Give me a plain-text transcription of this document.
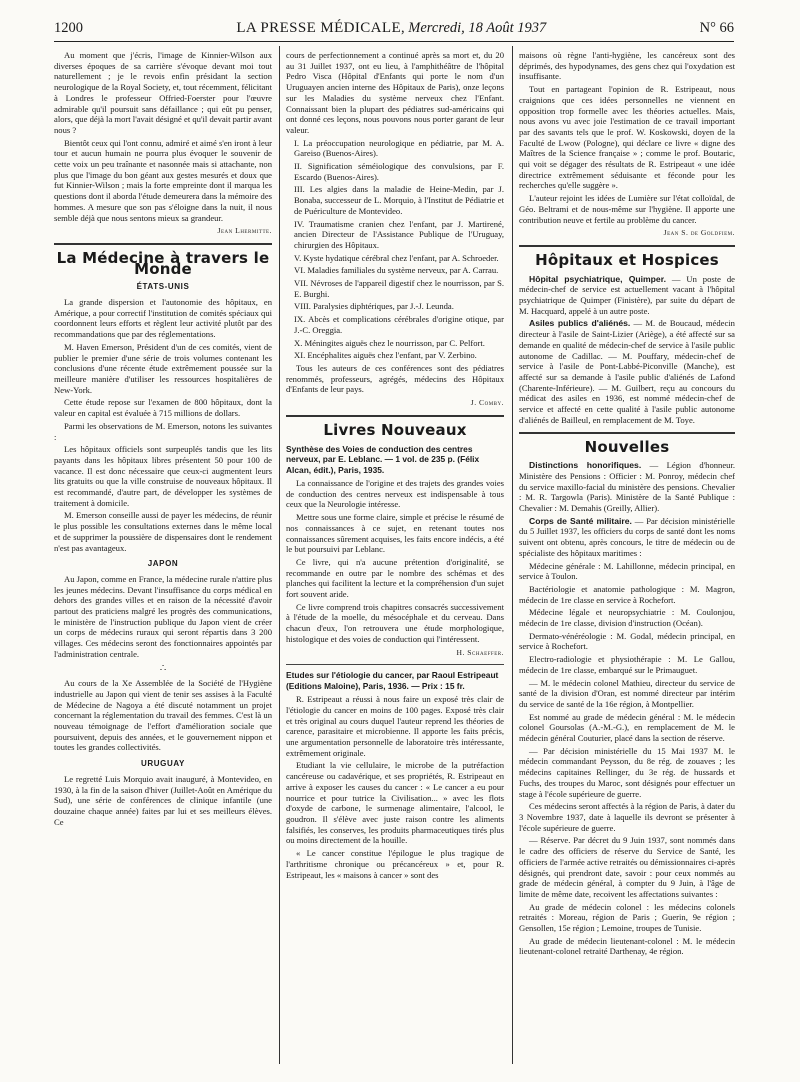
1200	LA PRESSE MÉDICALE, Mercredi, 18 Août 1937	N° 66

Au moment que j'écris, l'image de Kinnier-Wilson aux diverses époques de sa carrière s'évoque devant moi tout naturellement ; je le revois enfin présidant la section neurologique de la Royal Society, et, tout récemment, félicitant à Londres le professeur Offried-Foerster pour l'œuvre admirable qu'il poursuit sans défaillance ; qui eût pu penser, alors, que déjà la mort l'avait désigné et qu'il devait partir avant nous ?

Bientôt ceux qui l'ont connu, admiré et aimé s'en iront à leur tour et aucun humain ne pourra plus évoquer le souvenir de cette voix un peu traînante et nasonnée mais si attachante, non plus que l'image du bon géant aux gestes mesurés et doux que fut Kinnier-Wilson ; mais la forte empreinte dont il marqua les questions dont il aborda l'étude demeurera dans la mémoire des hommes. A mesure que son pas s'éloigne dans la nuit, il nous semble déjà que nous sentons mieux sa grandeur.

Jean Lhermitte.
La Médecine à travers le Monde
ÉTATS-UNIS

La grande dispersion et l'autonomie des hôpitaux, en Amérique, a pour correctif l'institution de comités spéciaux qui coordonnent leurs efforts et règlent leur activité plutôt par des recommandations que par des réglementations.

M. Haven Emerson, Président d'un de ces comités, vient de publier le premier d'une série de trois volumes contenant les conclusions d'une récente étude extrêmement poussée sur la meilleure manière d'utiliser les ressources hospitalières de New-York.

Cette étude repose sur l'examen de 800 hôpitaux, dont la valeur en capital est évaluée à 715 millions de dollars.

Parmi les observations de M. Emerson, notons les suivantes :

Les hôpitaux officiels sont surpeuplés tandis que les lits payants dans les hôpitaux libres présentent 50 pour 100 de vacance. Il est donc nécessaire que ceux-ci augmentent leurs lits gratuits ou que la ville construise de nouveaux hôpitaux. Il est recommandé, d'autre part, de développer les systèmes de traitement à domicile.

M. Emerson conseille aussi de payer les médecins, de réunir le plus possible les consultations externes dans le même local et de supprimer la poussière de dispensaires dont le rendement n'est pas avantageux.

JAPON

Au Japon, comme en France, la médecine rurale n'attire plus les jeunes médecins. Devant l'insuffisance du corps médical en dehors des grandes villes et en raison de la nécessité d'avoir partout des praticiens malgré les progrès des communications, le ministère de l'instruction publique du Japon vient de créer un corps de médecins ruraux qui seront répartis dans 3 200 villages. Ces médecins seront des fonctionnaires appointés par l'administration centrale.

∴

Au cours de la Xe Assemblée de la Société de l'Hygiène industrielle au Japon qui vient de tenir ses assises à la Faculté de Médecine de Nagoya a été discuté notamment un projet concernant la réglementation du travail des femmes. C'est là un nouveau témoignage de l'effort d'amélioration sociale que poursuivent, depuis des années, et le gouvernement nippon et toutes les grandes collectivités.

URUGUAY

Le regretté Luis Morquio avait inauguré, à Montevideo, en 1930, à la fin de la saison d'hiver (Juillet-Août en Amérique du Sud), une série de conférences de clinique infantile (une douzaine chaque année) faites par lui et ses meilleurs élèves. Ce

cours de perfectionnement a continué après sa mort et, du 20 au 31 Juillet 1937, ont eu lieu, à l'amphithéâtre de l'hôpital Pedro Visca (Hôpital d'Enfants qui porte le nom d'un Uruguayen ancien interne des Hôpitaux de Paris), onze leçons sur les Maladies du système nerveux chez l'Enfant. Connaissant bien la plupart des pédiatres sud-américains qui ont donné ces leçons, nous pouvons nous porter garant de leur valeur.

I. La préoccupation neurologique en pédiatrie, par M. A. Gareiso (Buenos-Aires).

II. Signification séméiologique des convulsions, par F. Escardo (Buenos-Aires).

III. Les algies dans la maladie de Heine-Medin, par J. Bonaba, successeur de L. Morquio, à l'Institut de Pédiatrie et de Puériculture de Montevideo.

IV. Traumatisme cranien chez l'enfant, par J. Martirené, ancien Directeur de l'Assistance Publique de l'Uruguay, chirurgien des Hôpitaux.

V. Kyste hydatique cérébral chez l'enfant, par A. Schroeder.

VI. Maladies familiales du système nerveux, par A. Carrau.

VII. Névroses de l'appareil digestif chez le nourrisson, par S. E. Burghi.

VIII. Paralysies diphtériques, par J.-J. Leunda.

IX. Abcès et complications cérébrales d'origine otique, par J.-C. Oreggia.

X. Méningites aiguës chez le nourrisson, par C. Pelfort.

XI. Encéphalites aiguës chez l'enfant, par V. Zerbino.

Tous les auteurs de ces conférences sont des pédiatres renommés, professeurs, agrégés, médecins des Hôpitaux d'Enfants de leur pays.

J. Comby.
Livres Nouveaux
Synthèse des Voies de conduction des centres nerveux, par E. Leblanc. — 1 vol. de 235 p. (Félix Alcan, édit.), Paris, 1935.

La connaissance de l'origine et des trajets des grandes voies de conduction des centres nerveux est indispensable à tous ceux que la Neurologie intéresse.

Mettre sous une forme claire, simple et précise le résumé de nos connaissances à ce sujet, en retenant toutes nos connaissances sûrement acquises, les faits encore indécis, a été le but poursuivi par Leblanc.

Ce livre, qui n'a aucune prétention d'originalité, se recommande en outre par le nombre des schémas et des planches qui facilitent la lecture et la compréhension d'un sujet fort souvent aride.

Ce livre comprend trois chapitres consacrés successivement à l'étude de la moelle, du mésocéphale et du cerveau. Dans chacun d'eux, l'on retrouvera une étude morphologique, histologique et des voies de conduction qui l'intéressent.

H. Schaeffer.
Etudes sur l'étiologie du cancer, par Raoul Estripeaut (Editions Maloine), Paris, 1936. — Prix : 15 fr.

R. Estripeaut a réussi à nous faire un exposé très clair de l'étiologie du cancer en moins de 100 pages. Exposé très clair et très original au cours duquel l'auteur reprend les théories de carence, parasitaire et microbienne. Il apporte les faits précis, une argumentation personnelle de laboratoire très intéressante, extrêmement originale.

Etudiant la vie cellulaire, le microbe de la putréfaction cancéreuse ou cadavérique, et ses propriétés, R. Estripeaut en arrive à exposer les causes du cancer : « Le cancer a eu pour nourrice et pour tutrice la Civilisation... » avec les flots d'oxyde de carbone, le surmenage alimentaire, l'alcool, le goudron. Il s'élève avec juste raison contre les aliments falsifiés, les conserves, les produits pharmaceutiques tirés plus ou moins directement de la houille.

« Le cancer constitue l'épilogue le plus tragique de l'arthritisme chronique ou précancéreux » et, pour R. Estripeaut, les « maisons à cancer » sont des

maisons où règne l'anti-hygiène, les cancéreux sont des déprimés, des hypodynames, des gens chez qui l'oxydation est insuffisante.

Tout en partageant l'opinion de R. Estripeaut, nous craignions que ces idées personnelles ne viennent en opposition trop formelle avec les théories actuelles. Mais, nous avons vu avec joie l'estimation de ce travail important par des savants tels que le prof. W. Koskowski, doyen de la Faculté de Lwow (Pologne), qui déclare ce livre « digne des Maîtres de la Science française » ; comme le prof. Boutaric, qui voit se dégager des résultats de R. Estripeaut « une idée directrice extrêmement séduisante et féconde pour les recherches qu'elle suggère ».

L'auteur rejoint les idées de Lumière sur l'état colloïdal, de Géo. Beltrami et de nous-même sur l'hygiène. Il apporte une contribution neuve et fertile au problème du cancer.

Jean S. de Goldfiem.
Hôpitaux et Hospices

Hôpital psychiatrique, Quimper. — Un poste de médecin-chef de service est actuellement vacant à l'hôpital psychiatrique de Quimper (Finistère), par suite du départ de M. Hacquard, appelé à un autre poste.

Asiles publics d'aliénés. — M. de Boucaud, médecin directeur à l'asile de Saint-Lizier (Ariège), a été affecté sur sa demande en qualité de médecin-chef de service à l'asile public autonome de Cadillac. — M. Pouffary, médecin-chef de service à l'asile de Pont-Labbé-Piconville (Manche), est affecté sur sa demande à l'asile public d'aliénés de Lafond (Charente-Inférieure). — M. Guilbert, reçu au concours du médicat des asiles en 1936, est nommé médecin-chef de service et affecté en cette qualité à l'asile public autonome d'aliénés de Bailleul, en remplacement de M. Toye.

Nouvelles

Distinctions honorifiques. — Légion d'honneur. Ministère des Pensions : Officier : M. Ponroy, médecin chef du service maxillo-facial du ministère des pensions. Chevalier : M. R. Targowla (Paris). Ministère de la Santé Publique : Chevalier : M. Demahis (Greilly, Allier).

Corps de Santé militaire. — Par décision ministérielle du 5 Juillet 1937, les officiers du corps de santé dont les noms suivent ont obtenu, après concours, le titre de médecin ou de spécialiste des hôpitaux maritimes :

Médecine générale : M. Lahillonne, médecin principal, en service à Toulon.

Bactériologie et anatomie pathologique : M. Magron, médecin de 1re classe en service à Rochefort.

Médecine légale et neuropsychiatrie : M. Coulonjou, médecin de 1re classe, division d'instruction (Océan).

Dermato-vénéréologie : M. Godal, médecin principal, en service à Rochefort.

Electro-radiologie et physiothérapie : M. Le Gallou, médecin de 1re classe, embarqué sur le Primauguet.

— M. le médecin colonel Mathieu, directeur du service de santé de la division d'Oran, est nommé directeur par intérim du service de santé de la 16e région, à Montpellier.

Est nommé au grade de médecin général : M. le médecin colonel Goursolas (A.-M.-G.), en remplacement de M. le médecin général Couturier, placé dans la section de réserve.

— Par décision ministérielle du 15 Mai 1937 M. le médecin commandant Peysson, du 8e rég. de zouaves ; les médecins capitaines Rellinger, du 3e rég. de hussards et Fuchs, des troupes du Maroc, sont désignés pour effectuer un stage à l'école supérieure de guerre.

Ces médecins seront affectés à la région de Paris, à dater du 3 Novembre 1937, date à laquelle ils devront se présenter à l'école supérieure de guerre.

— Réserve. Par décret du 9 Juin 1937, sont nommés dans le cadre des officiers de réserve du Service de Santé, les officiers de l'armée active retraités ou démissionnaires ci-après désignés, qui prendront date, savoir : pour ceux nommés au grade de médecin général, à compter du 9 Juin, à l'âge de limite de même date, recoivent les affectations suivantes :

Au grade de médecin colonel : les médecins colonels retraités : Moreau, région de Paris ; Guerin, 9e région ; Gensollen, 15e région ; Lemoine, troupes de Tunisie.

Au grade de médecin lieutenant-colonel : M. le médecin lieutenant-colonel retraité Darthenay, 4e région.
